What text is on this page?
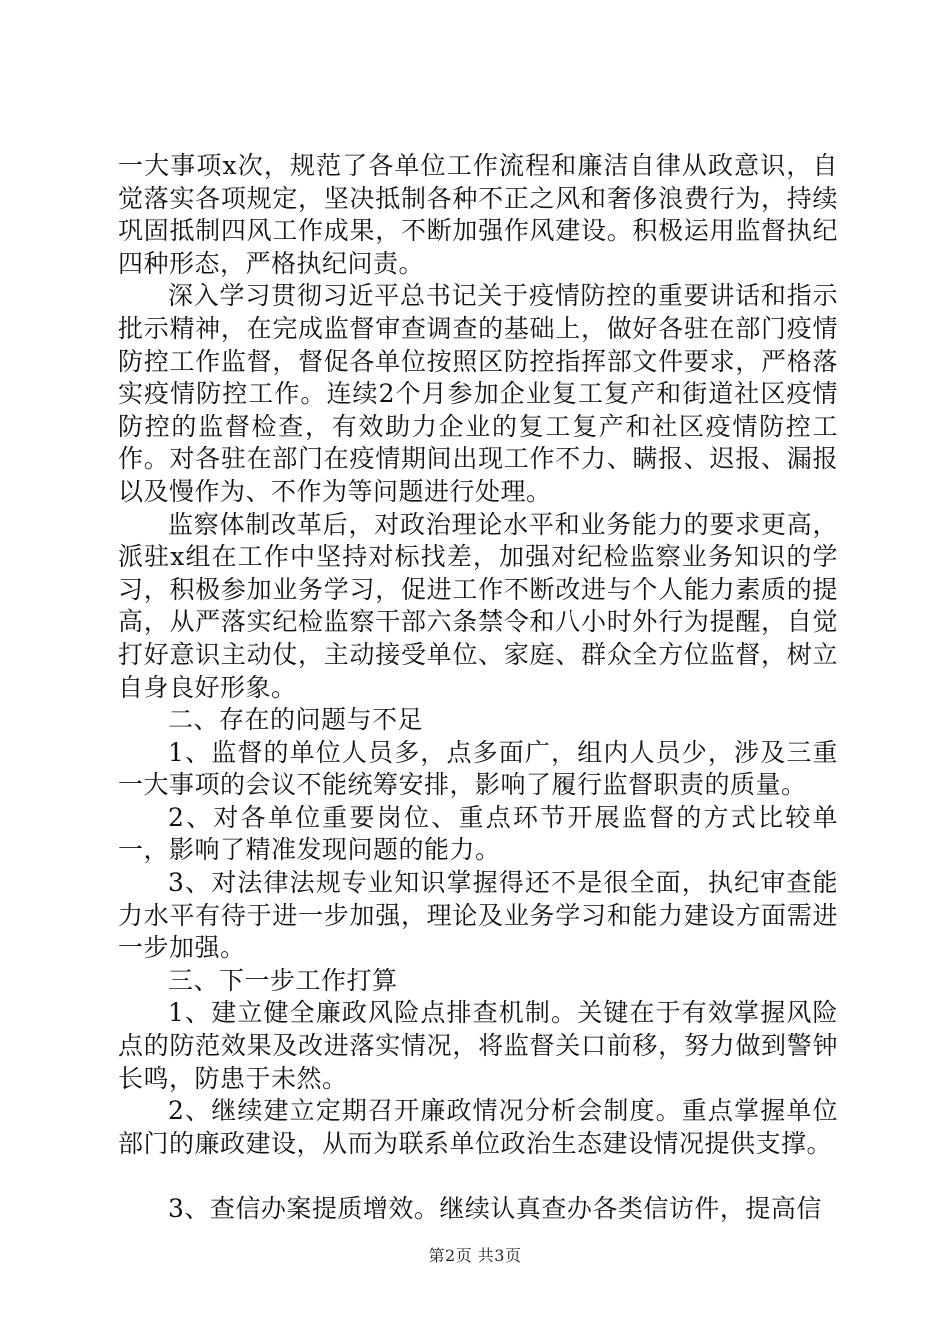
一大事项x次，规范了各单位工作流程和廉洁自律从政意识，自觉落实各项规定，坚决抵制各种不正之风和奢侈浪费行为，持续巩固抵制四风工作成果，不断加强作风建设。积极运用监督执纪四种形态，严格执纪问责。

深入学习贯彻习近平总书记关于疫情防控的重要讲话和指示批示精神，在完成监督审查调查的基础上，做好各驻在部门疫情防控工作监督，督促各单位按照区防控指挥部文件要求，严格落实疫情防控工作。连续2个月参加企业复工复产和街道社区疫情防控的监督检查，有效助力企业的复工复产和社区疫情防控工作。对各驻在部门在疫情期间出现工作不力、瞒报、迟报、漏报以及慢作为、不作为等问题进行处理。

监察体制改革后，对政治理论水平和业务能力的要求更高，派驻x组在工作中坚持对标找差，加强对纪检监察业务知识的学习，积极参加业务学习，促进工作不断改进与个人能力素质的提高，从严落实纪检监察干部六条禁令和八小时外行为提醒，自觉打好意识主动仗，主动接受单位、家庭、群众全方位监督，树立自身良好形象。

二、存在的问题与不足

1、监督的单位人员多，点多面广，组内人员少，涉及三重一大事项的会议不能统筹安排，影响了履行监督职责的质量。

2、对各单位重要岗位、重点环节开展监督的方式比较单一，影响了精准发现问题的能力。

3、对法律法规专业知识掌握得还不是很全面，执纪审查能力水平有待于进一步加强，理论及业务学习和能力建设方面需进一步加强。

三、下一步工作打算

1、建立健全廉政风险点排查机制。关键在于有效掌握风险点的防范效果及改进落实情况，将监督关口前移，努力做到警钟长鸣，防患于未然。

2、继续建立定期召开廉政情况分析会制度。重点掌握单位部门的廉政建设，从而为联系单位政治生态建设情况提供支撑。

3、查信办案提质增效。继续认真查办各类信访件，提高信

第2页 共3页
